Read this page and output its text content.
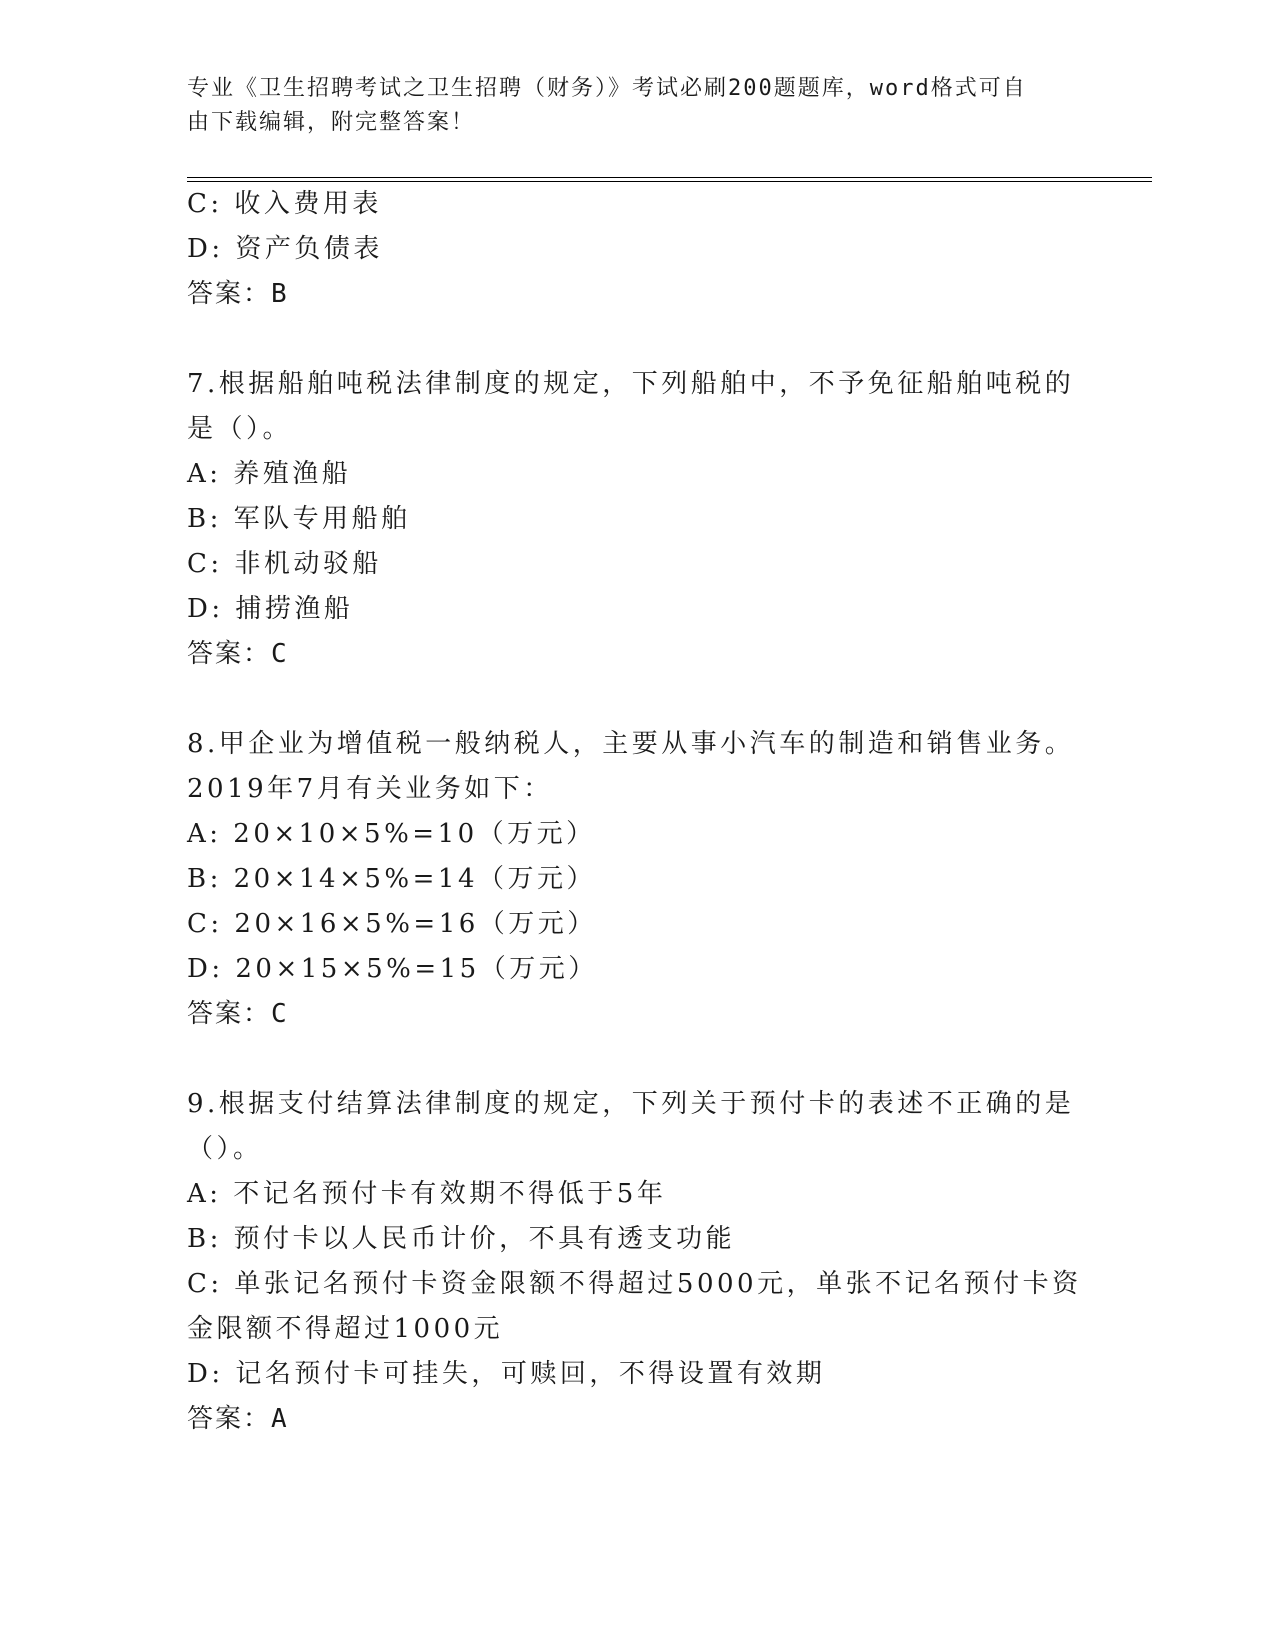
专业《卫生招聘考试之卫生招聘（财务）》考试必刷200题题库，word格式可自
由下载编辑，附完整答案！
C: 收入费用表
D: 资产负债表
答案：B
7.根据船舶吨税法律制度的规定，下列船舶中，不予免征船舶吨税的
是（）。
A: 养殖渔船
B: 军队专用船舶
C: 非机动驳船
D: 捕捞渔船
答案：C
8.甲企业为增值税一般纳税人，主要从事小汽车的制造和销售业务。
2019年7月有关业务如下：
A: 20×10×5%=10（万元）
B: 20×14×5%=14（万元）
C: 20×16×5%=16（万元）
D: 20×15×5%=15（万元）
答案：C
9.根据支付结算法律制度的规定，下列关于预付卡的表述不正确的是
（）。
A: 不记名预付卡有效期不得低于5年
B: 预付卡以人民币计价，不具有透支功能
C: 单张记名预付卡资金限额不得超过5000元，单张不记名预付卡资
金限额不得超过1000元
D: 记名预付卡可挂失，可赎回，不得设置有效期
答案：A
